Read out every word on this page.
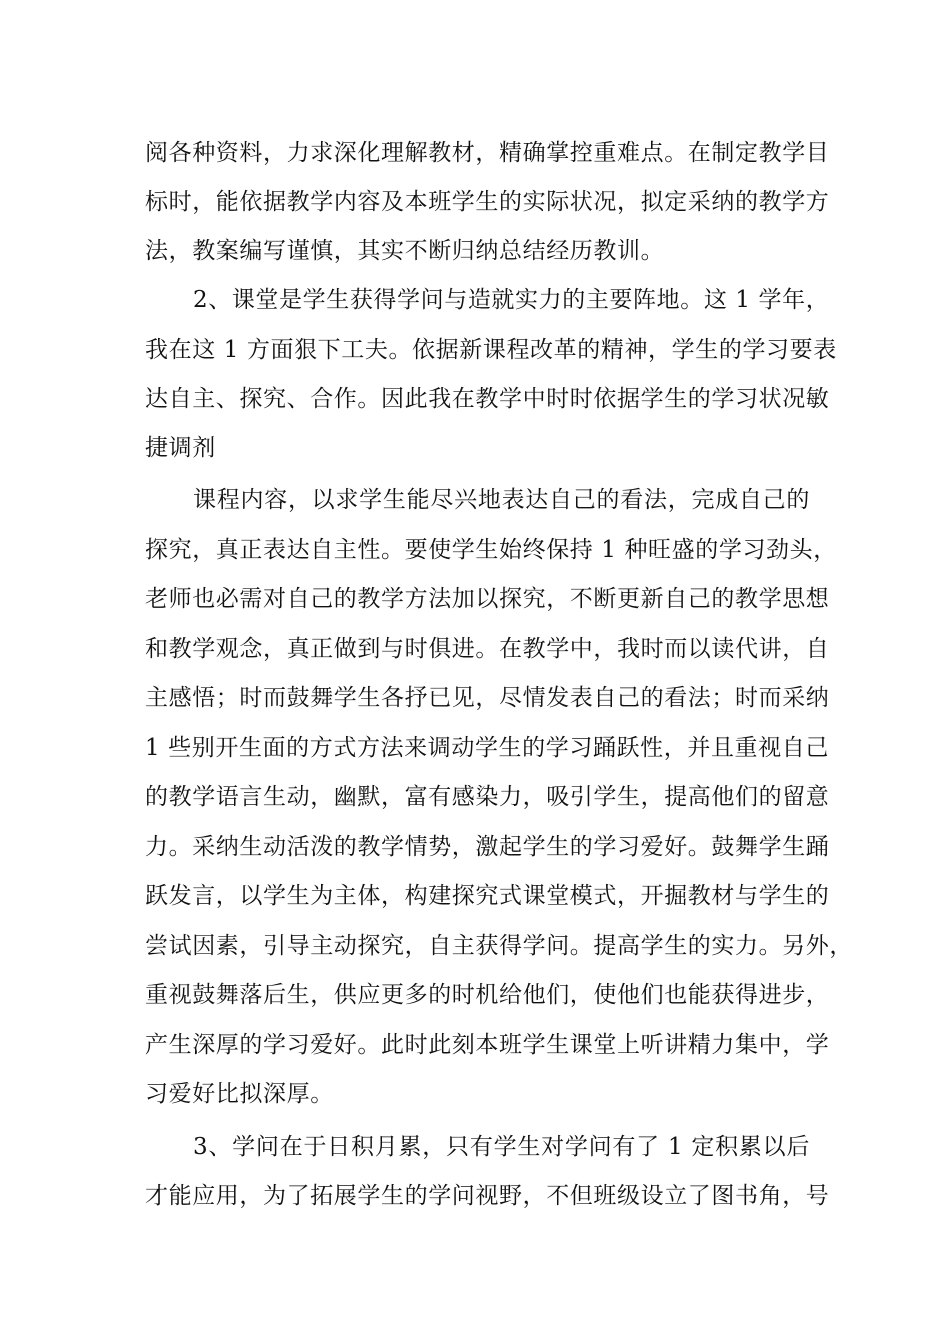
阅各种资料，力求深化理解教材，精确掌控重难点。在制定教学目
标时，能依据教学内容及本班学生的实际状况，拟定采纳的教学方
法，教案编写谨慎，其实不断归纳总结经历教训。
2、课堂是学生获得学问与造就实力的主要阵地。这 1 学年，
我在这 1 方面狠下工夫。依据新课程改革的精神，学生的学习要表
达自主、探究、合作。因此我在教学中时时依据学生的学习状况敏
捷调剂
课程内容，以求学生能尽兴地表达自己的看法，完成自己的
探究，真正表达自主性。要使学生始终保持 1 种旺盛的学习劲头，
老师也必需对自己的教学方法加以探究，不断更新自己的教学思想
和教学观念，真正做到与时俱进。在教学中，我时而以读代讲，自
主感悟；时而鼓舞学生各抒已见，尽情发表自己的看法；时而采纳
1 些别开生面的方式方法来调动学生的学习踊跃性，并且重视自己
的教学语言生动，幽默，富有感染力，吸引学生，提高他们的留意
力。采纳生动活泼的教学情势，激起学生的学习爱好。鼓舞学生踊
跃发言，以学生为主体，构建探究式课堂模式，开掘教材与学生的
尝试因素，引导主动探究，自主获得学问。提高学生的实力。另外，
重视鼓舞落后生，供应更多的时机给他们，使他们也能获得进步，
产生深厚的学习爱好。此时此刻本班学生课堂上听讲精力集中，学
习爱好比拟深厚。
3、学问在于日积月累，只有学生对学问有了 1 定积累以后
才能应用，为了拓展学生的学问视野，不但班级设立了图书角，号
